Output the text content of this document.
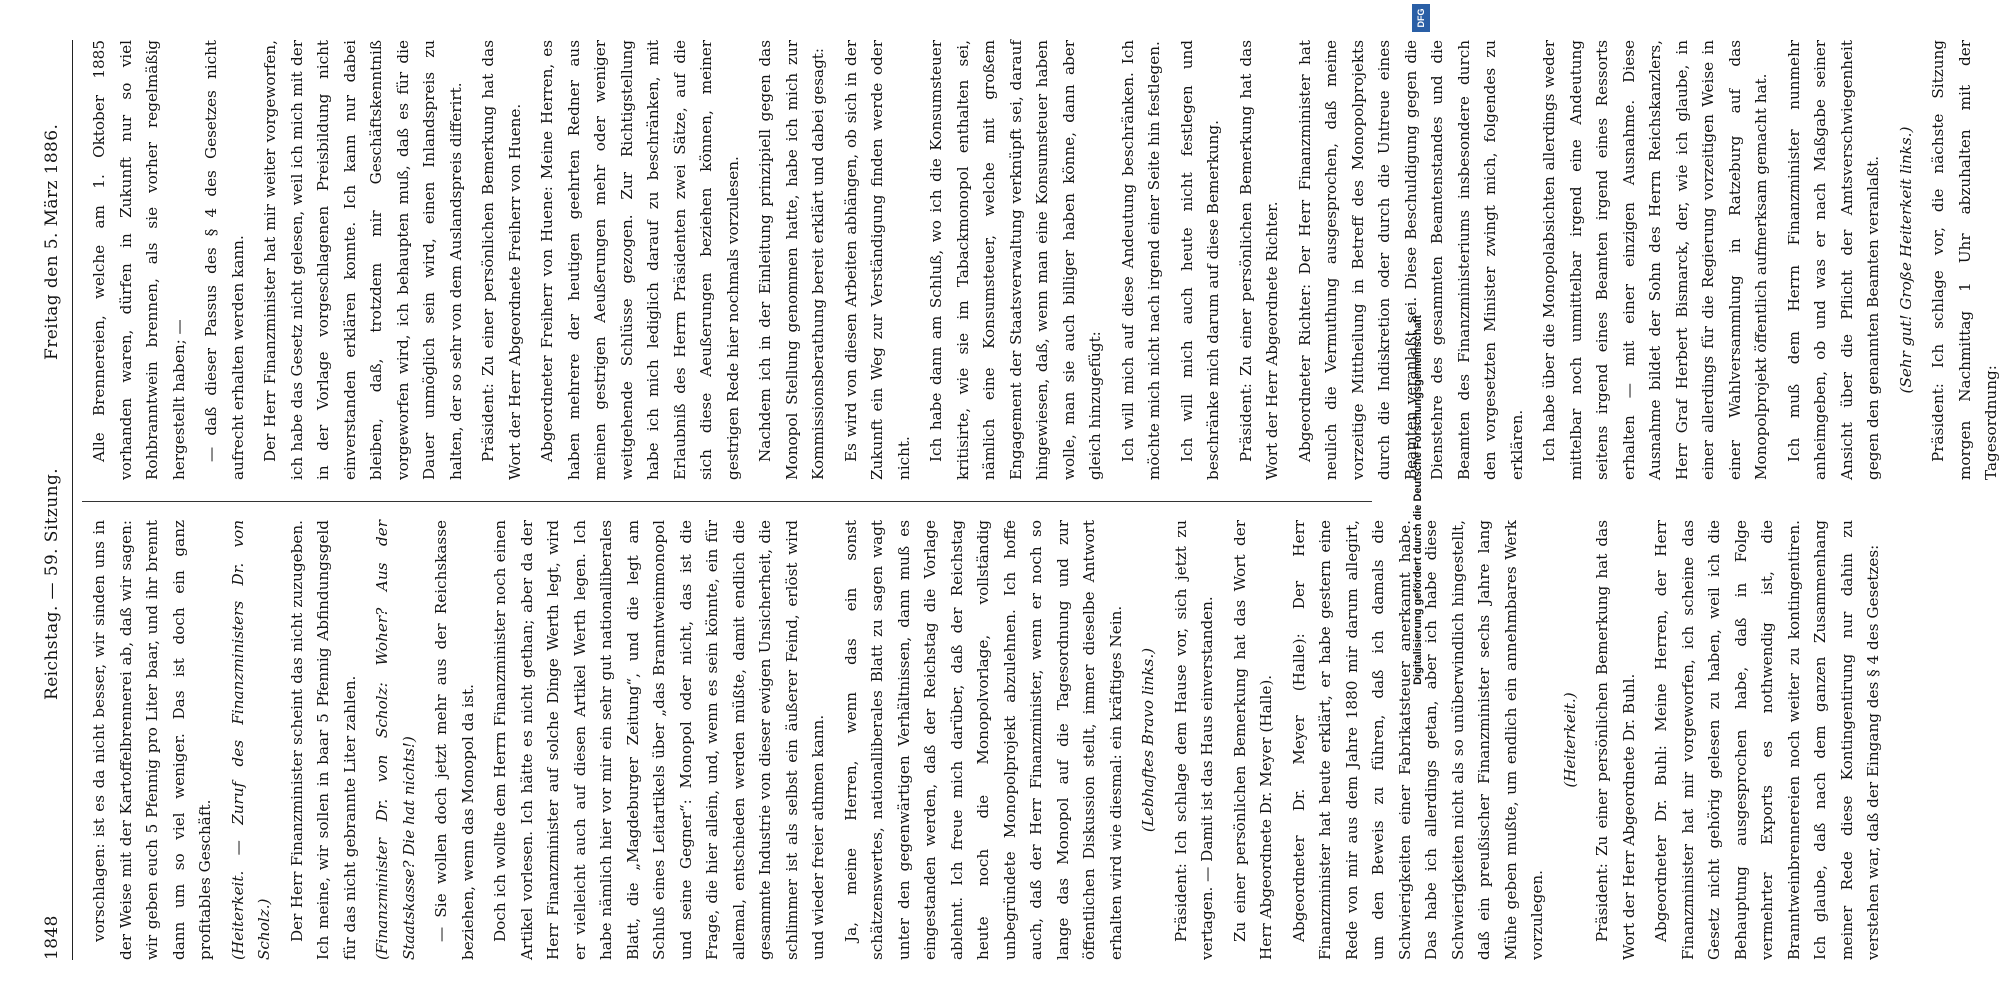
1848
Reichstag. — 59. Sitzung.
Freitag den 5. März 1886.

vorschlagen: ist es da nicht besser, wir sinden uns in der Weise mit der Kartoffelbrennerei ab, daß wir sagen: wir geben euch 5 Pfennig pro Liter baar, und ihr brennt dann um so viel weniger. Das ist doch ein ganz profitables Geschäft. (Heiterkeit. — Zuruf des Finanzministers Dr. von Scholz.) Der Herr Finanzminister scheint das nicht zuzugeben. Ich meine, wir sollen in baar 5 Pfennig Abfindungsgeld für das nicht gebrannte Liter zahlen. (Finanzminister Dr. von Scholz: Woher? Aus der Staatskasse? Die hat nichts!) — Sie wollen doch jetzt mehr aus der Reichskasse beziehen, wenn das Monopol da ist. Doch ich wollte dem Herrn Finanzminister noch einen Artikel vorlesen. Ich hätte es nicht gethan; aber da der Herr Finanzminister auf solche Dinge Werth legt, wird er vielleicht auch auf diesen Artikel Werth legen. Ich habe nämlich hier vor mir ein sehr gut nationalliberales Blatt, die „Magdeburger Zeitung“, und die legt am Schluß eines Leitartikels über „das Branntweinmonopol und seine Gegner“: Monopol oder nicht, das ist die Frage, die hier allein, und, wenn es sein könnte, ein für allemal, entschieden werden müßte, damit endlich die gesammte Industrie von dieser ewigen Unsicherheit, die schlimmer ist als selbst ein äußerer Feind, erlöst wird und wieder freier athmen kann. Ja, meine Herren, wenn das ein sonst schätzenswertes, nationalliberales Blatt zu sagen wagt unter den gegenwärtigen Verhältnissen, dann muß es eingestanden werden, daß der Reichstag die Vorlage ablehnt. Ich freue mich darüber, daß der Reichstag heute noch die Monopolvorlage, vollständig unbegründete Monopolprojekt abzulehnen. Ich hoffe auch, daß der Herr Finanzminister, wenn er noch so lange das Monopol auf die Tagesordnung und zur öffentlichen Diskussion stellt, immer dieselbe Antwort erhalten wird wie diesmal: ein kräftiges Nein. (Lebhaftes Bravo links.) Präsident: Ich schlage dem Hause vor, sich jetzt zu vertagen. — Damit ist das Haus einverstanden. Zu einer persönlichen Bemerkung hat das Wort der Herr Abgeordnete Dr. Meyer (Halle). Abgeordneter Dr. Meyer (Halle): Der Herr Finanzminister hat heute erklärt, er habe gestern eine Rede von mir aus dem Jahre 1880 mir darum allegirt, um den Beweis zu führen, daß ich damals die Schwierigkeiten einer Fabrikatsteuer anerkannt habe. Das habe ich allerdings getan, aber ich habe diese Schwierigkeiten nicht als so unüberwindlich hingestellt, daß ein preußischer Finanzminister sechs Jahre lang Mühe geben mußte, um endlich ein annehmbares Werk vorzulegen.

(Heiterkeit.) Präsident: Zu einer persönlichen Bemerkung hat das Wort der Herr Abgeordnete Dr. Buhl. Abgeordneter Dr. Buhl: Meine Herren, der Herr Finanzminister hat mir vorgeworfen, ich scheine das Gesetz nicht gehörig gelesen zu haben, weil ich die Behauptung ausgesprochen habe, daß in Folge vermehrter Exports es nothwendig ist, die Branntweinbrennereien noch weiter zu kontingentiren. Ich glaube, daß nach dem ganzen Zusammenhang meiner Rede diese Kontingentirung nur dahin zu verstehen war, daß der Eingang des § 4 des Gesetzes:

Alle Brennereien, welche am 1. Oktober 1885 vorhanden waren, dürfen in Zukunft nur so viel Rohbranntwein brennen, als sie vorher regelmäßig hergestellt haben; — — daß dieser Passus des § 4 des Gesetzes nicht aufrecht erhalten werden kann. Der Herr Finanzminister hat mir weiter vorgeworfen, ich habe das Gesetz nicht gelesen, weil ich mich mit der in der Vorlage vorgeschlagenen Preisbildung nicht einverstanden erklären konnte. Ich kann nur dabei bleiben, daß, trotzdem mir Geschäftskenntniß vorgeworfen wird, ich behaupten muß, daß es für die Dauer unmöglich sein wird, einen Inlandspreis zu halten, der so sehr von dem Auslandspreis differirt. Präsident: Zu einer persönlichen Bemerkung hat das Wort der Herr Abgeordnete Freiherr von Huene. Abgeordneter Freiherr von Huene: Meine Herren, es haben mehrere der heutigen geehrten Redner aus meinen gestrigen Aeußerungen mehr oder weniger weitgehende Schlüsse gezogen. Zur Richtigstellung habe ich mich lediglich darauf zu beschränken, mit Erlaubniß des Herrn Präsidenten zwei Sätze, auf die sich diese Aeußerungen beziehen können, meiner gestrigen Rede hier nochmals vorzulesen. Nachdem ich in der Einleitung prinzipiell gegen das Monopol Stellung genommen hatte, habe ich mich zur Kommissionsberathung bereit erklärt und dabei gesagt: Es wird von diesen Arbeiten abhängen, ob sich in der Zukunft ein Weg zur Verständigung finden werde oder nicht. Ich habe dann am Schluß, wo ich die Konsumsteuer kritisirte, wie sie im Tabackmonopol enthalten sei, nämlich eine Konsumsteuer, welche mit großem Engagement der Staatsverwaltung verknüpft sei, darauf hingewiesen, daß, wenn man eine Konsumsteuer haben wolle, man sie auch billiger haben könne, dann aber gleich hinzugefügt: Ich will mich auf diese Andeutung beschränken. Ich möchte mich nicht nach irgend einer Seite hin festlegen. Ich will mich auch heute nicht festlegen und beschränke mich darum auf diese Bemerkung. Präsident: Zu einer persönlichen Bemerkung hat das Wort der Herr Abgeordnete Richter. Abgeordneter Richter: Der Herr Finanzminister hat neulich die Vermuthung ausgesprochen, daß meine vorzeitige Mittheilung in Betreff des Monopolprojekts durch die Indiskretion oder durch die Untreue eines Beamten veranlaßt sei. Diese Beschuldigung gegen die Dienstehre des gesammten Beamtenstandes und die Beamten des Finanzministeriums insbesondere durch den vorgesetzten Minister zwingt mich, folgendes zu erklären. Ich habe über die Monopolabsichten allerdings weder mittelbar noch unmittelbar irgend eine Andeutung seitens irgend eines Beamten irgend eines Ressorts erhalten — mit einer einzigen Ausnahme. Diese Ausnahme bildet der Sohn des Herrn Reichskanzlers, Herr Graf Herbert Bismarck, der, wie ich glaube, in einer allerdings für die Regierung vorzeitigen Weise in einer Wahlversammlung in Ratzeburg auf das Monopolprojekt öffentlich aufmerksam gemacht hat. Ich muß dem Herrn Finanzminister nunmehr anheimgeben, ob und was er nach Maßgabe seiner Ansicht über die Pflicht der Amtsverschwiegenheit gegen den genannten Beamten veranlaßt. (Sehr gut! Große Heiterkeit links.) Präsident: Ich schlage vor, die nächste Sitzung morgen Nachmittag 1 Uhr abzuhalten mit der Tagesordnung:

Digitalisierung gefördert durch die Deutsche Forschungsgemeinschaft
DFG
